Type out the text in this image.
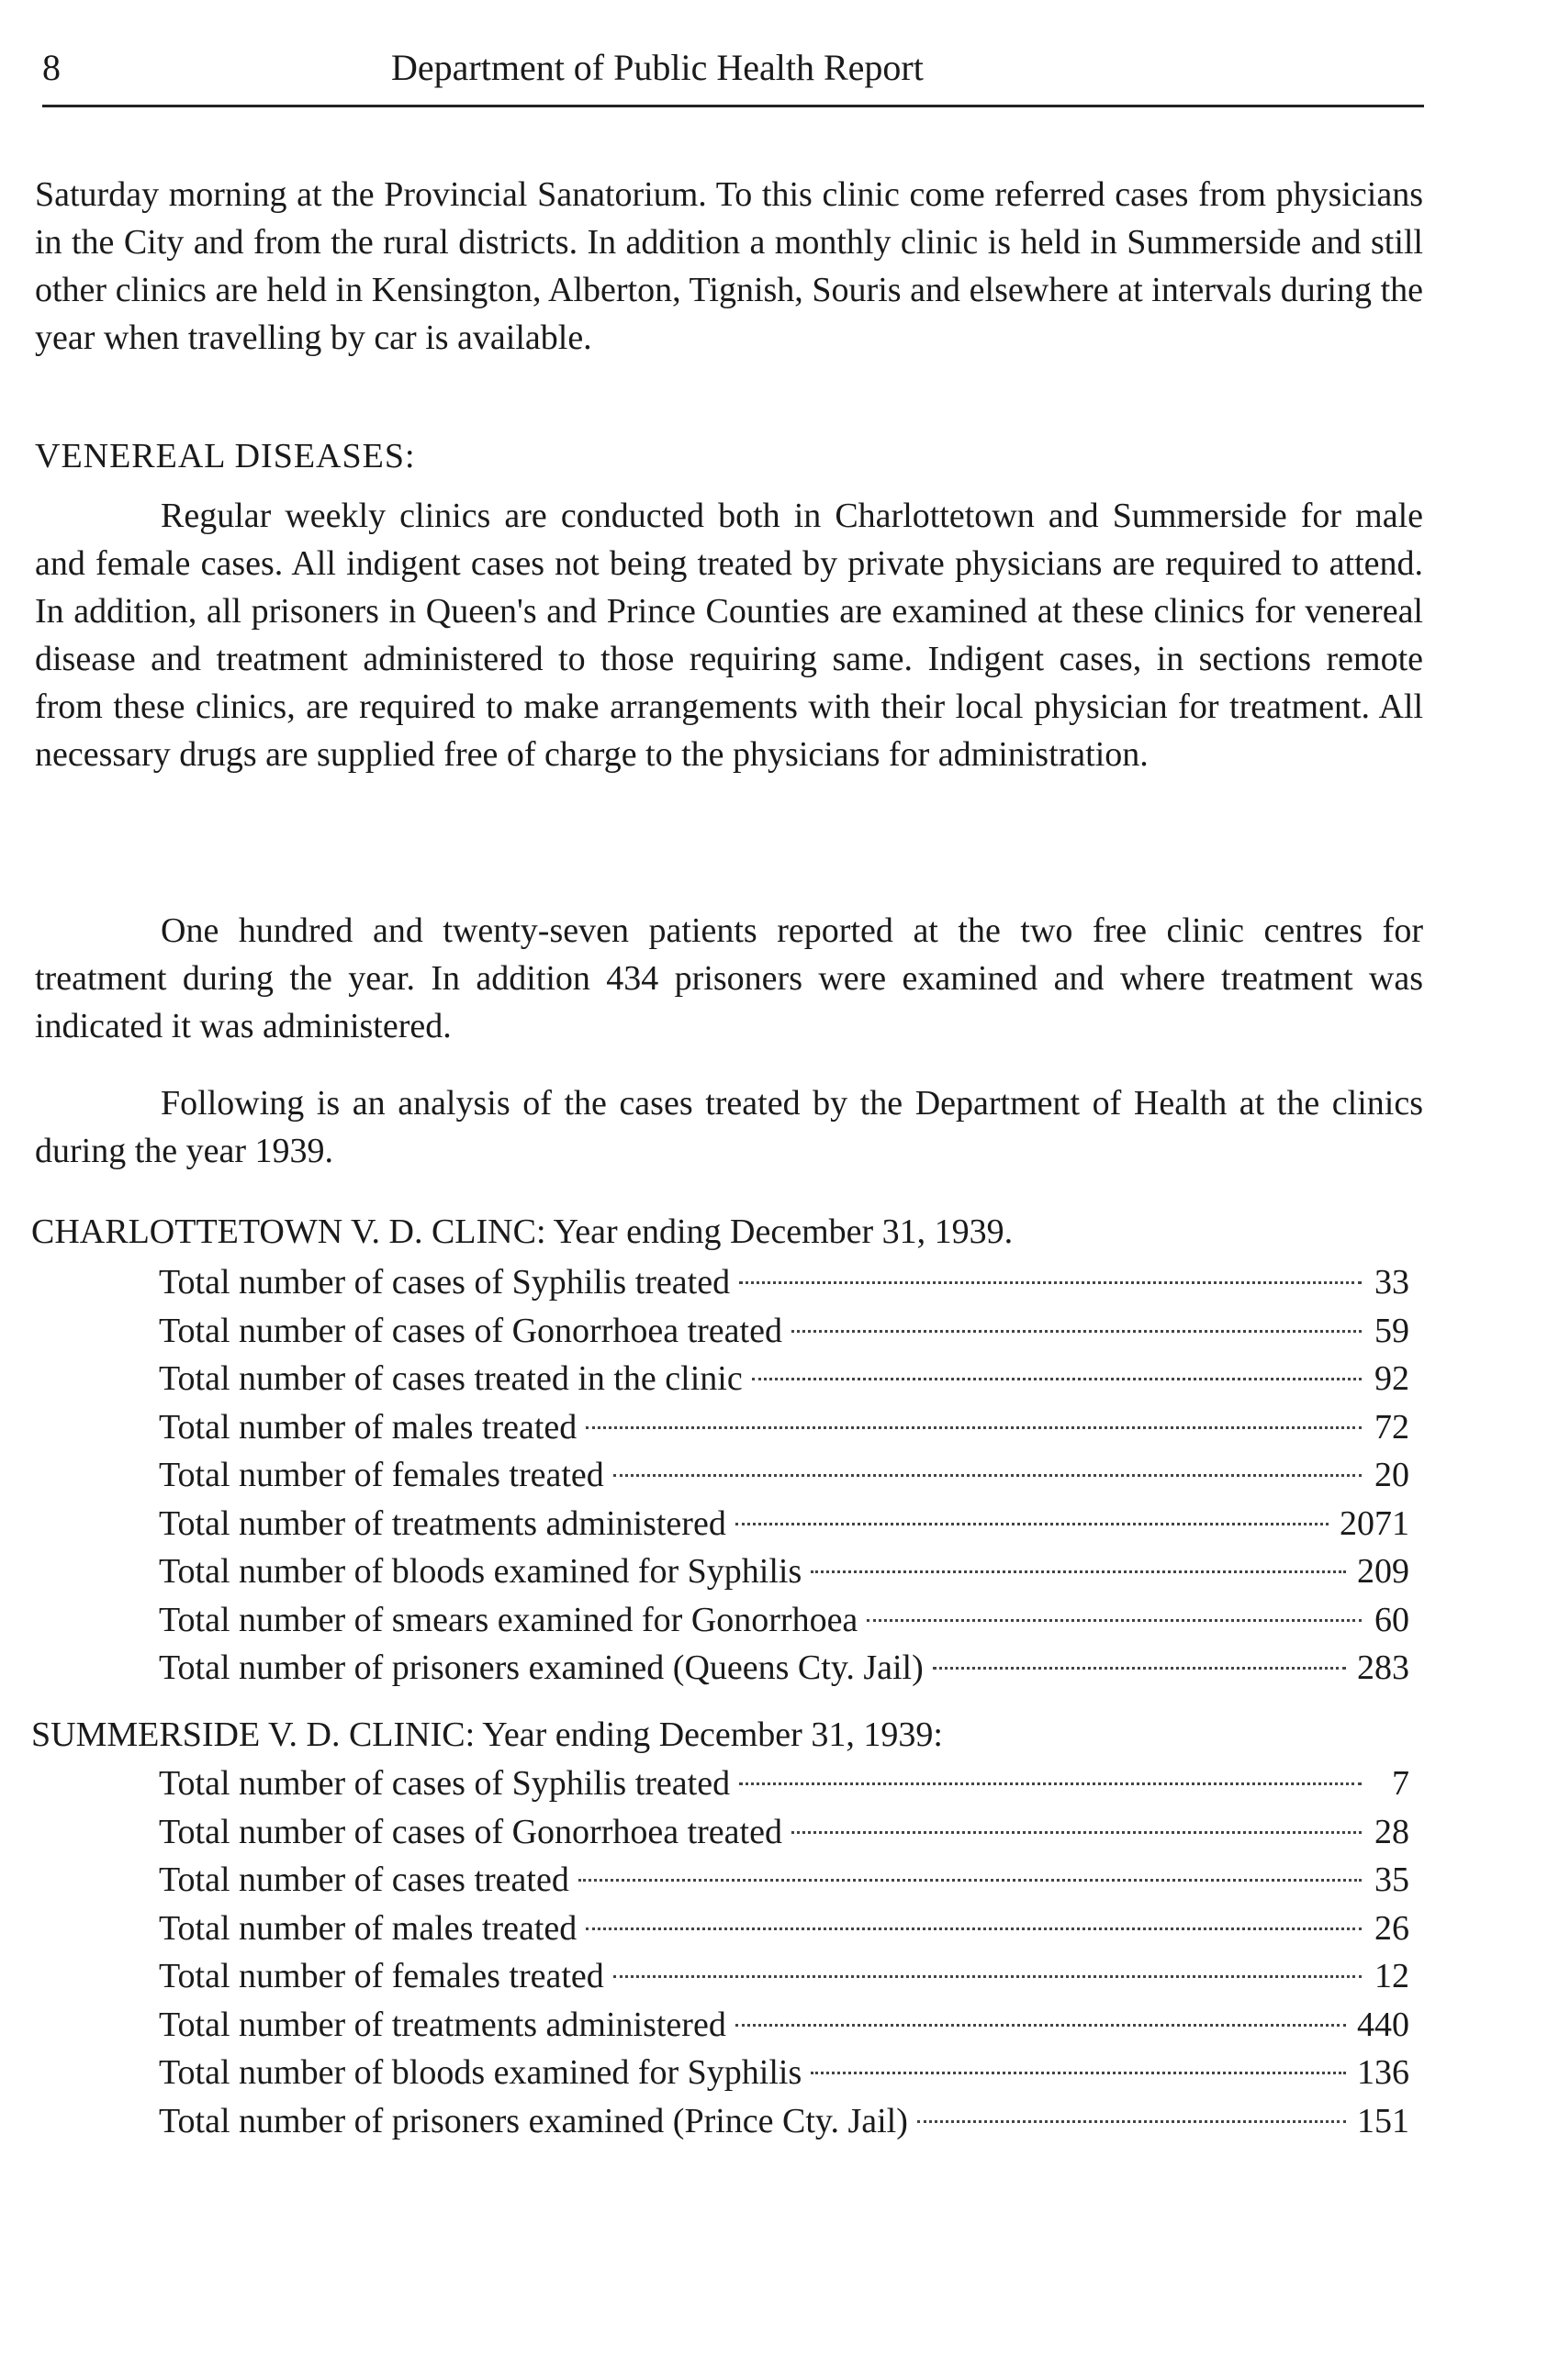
8	Department of Public Health Report

Saturday morning at the Provincial Sanatorium. To this clinic come referred cases from physicians in the City and from the rural districts. In addition a monthly clinic is held in Summerside and still other clinics are held in Kensington, Alberton, Tignish, Souris and elsewhere at intervals during the year when travelling by car is available.

VENEREAL DISEASES:

Regular weekly clinics are conducted both in Charlottetown and Summerside for male and female cases. All indigent cases not being treated by private physicians are required to attend. In addition, all prisoners in Queen's and Prince Counties are examined at these clinics for venereal disease and treatment administered to those requiring same. Indigent cases, in sections remote from these clinics, are required to make arrangements with their local physician for treatment. All necessary drugs are supplied free of charge to the physicians for administration.

One hundred and twenty-seven patients reported at the two free clinic centres for treatment during the year. In addition 434 prisoners were examined and where treatment was indicated it was administered.

Following is an analysis of the cases treated by the Department of Health at the clinics during the year 1939.

CHARLOTTETOWN V. D. CLINC: Year ending December 31, 1939.
Total number of cases of Syphilis treated	33
Total number of cases of Gonorrhoea treated	59
Total number of cases treated in the clinic	92
Total number of males treated	72
Total number of females treated	20
Total number of treatments administered	2071
Total number of bloods examined for Syphilis	209
Total number of smears examined for Gonorrhoea	60
Total number of prisoners examined (Queens Cty. Jail)	283
SUMMERSIDE V. D. CLINIC: Year ending December 31, 1939:
Total number of cases of Syphilis treated	7
Total number of cases of Gonorrhoea treated	28
Total number of cases treated	35
Total number of males treated	26
Total number of females treated	12
Total number of treatments administered	440
Total number of bloods examined for Syphilis	136
Total number of prisoners examined (Prince Cty. Jail)	151
